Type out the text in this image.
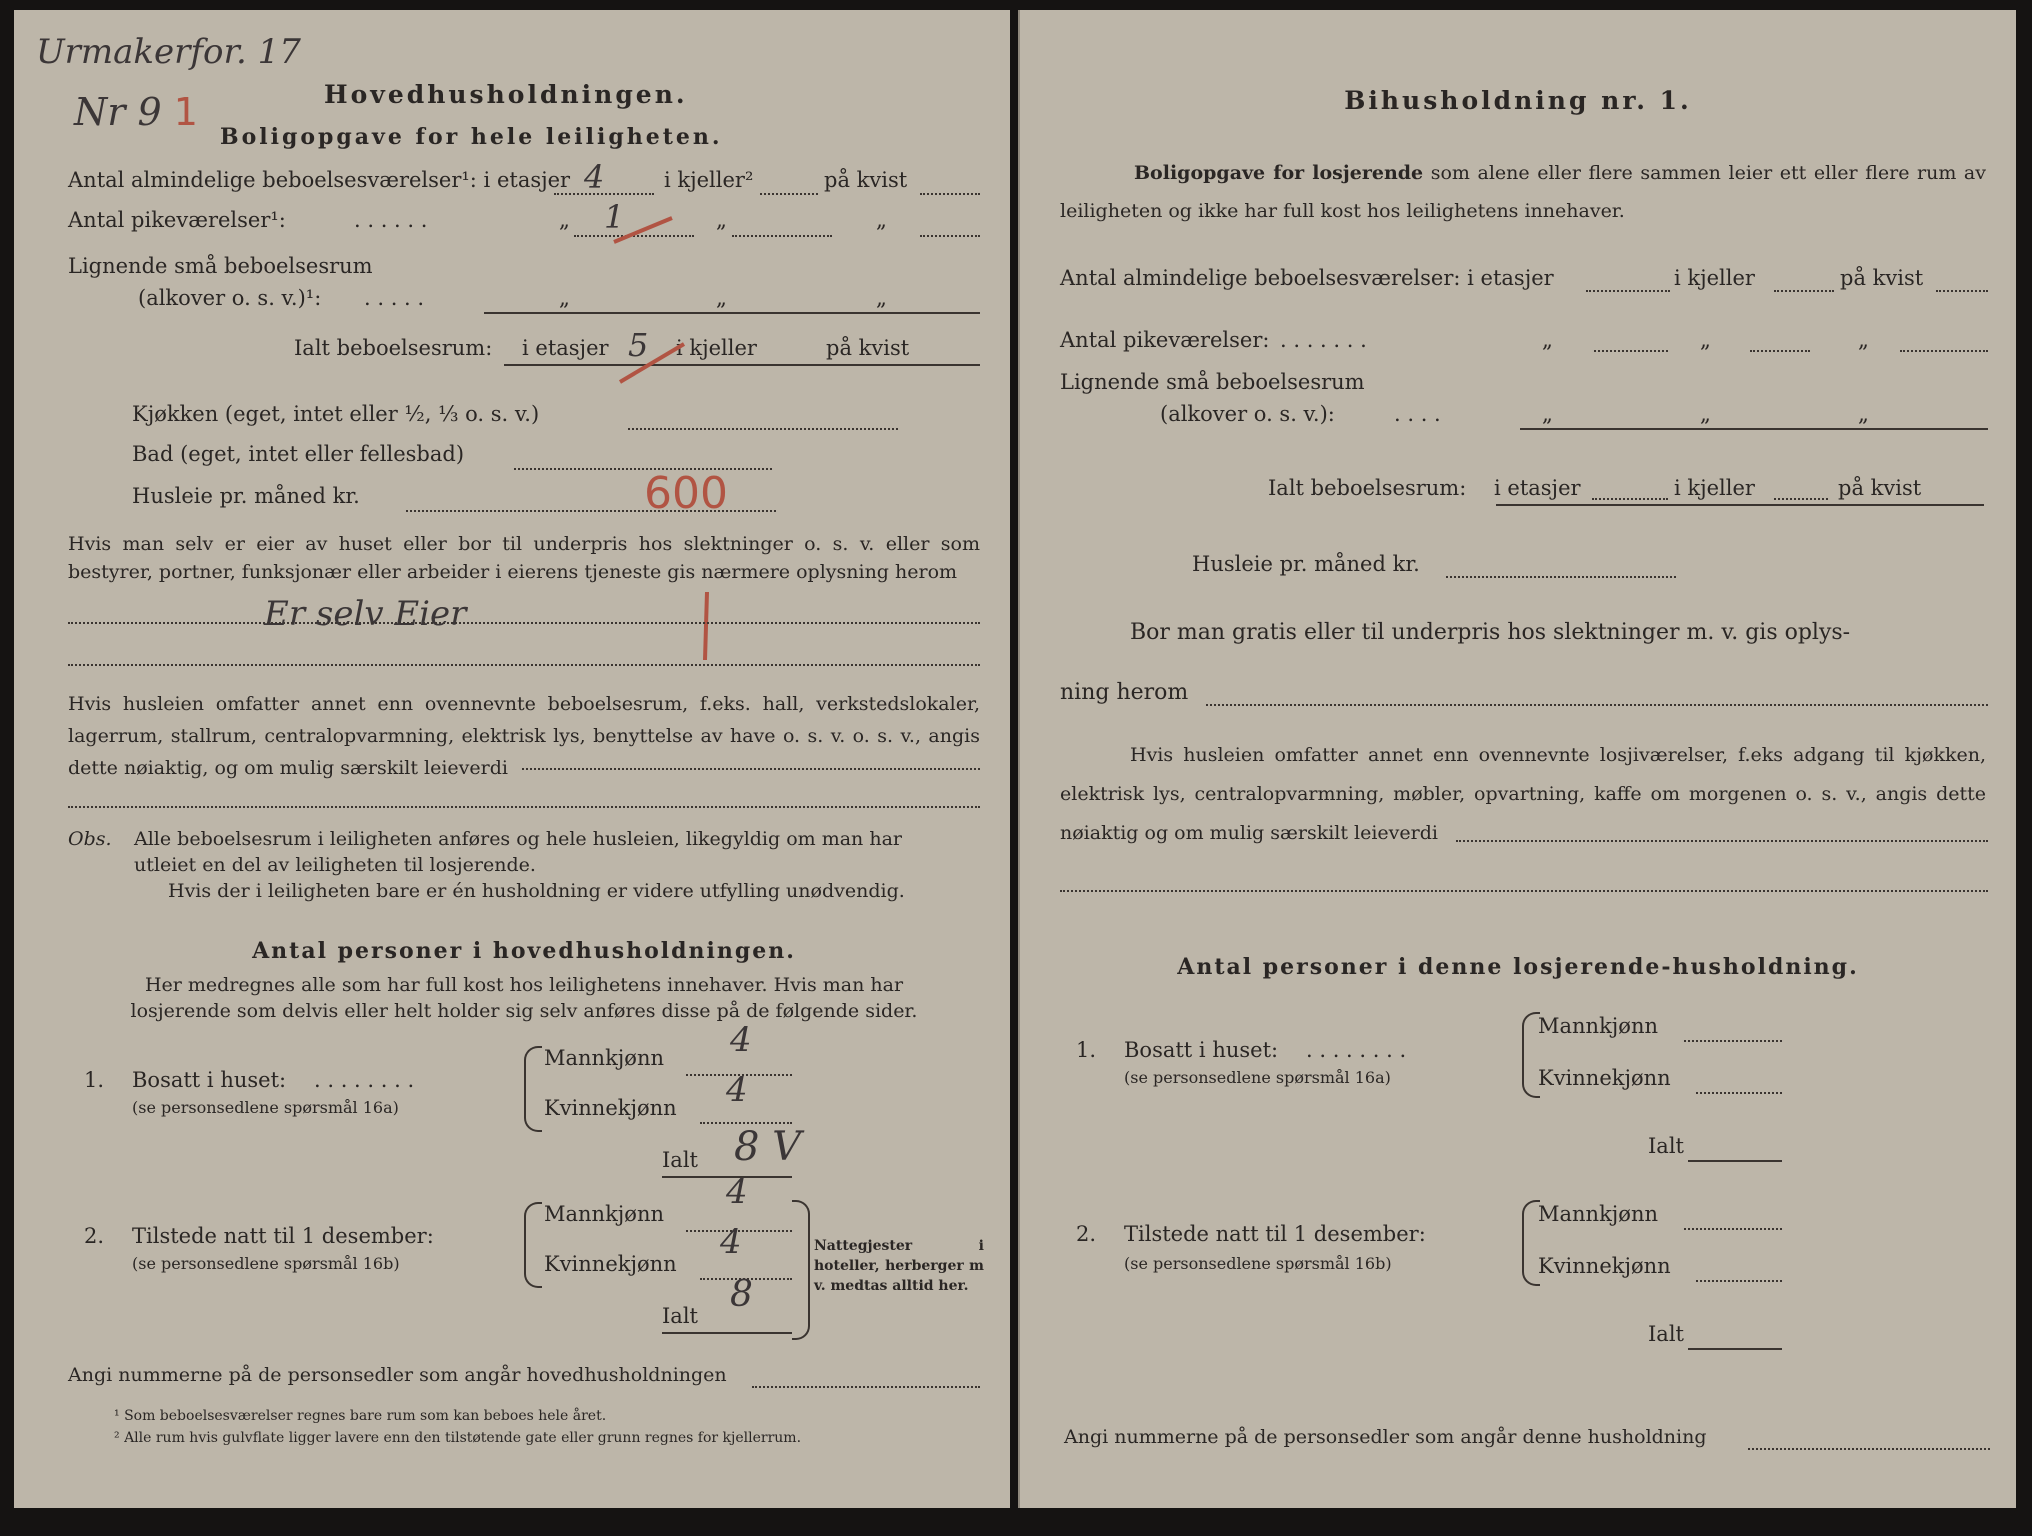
Urmakerfor. 17
Nr 9 1	Hovedhusholdningen.
Boligopgave for hele leiligheten.
Antal almindelige beboelsesværelser¹: i etasjer 4	i kjeller²	på kvist
Antal pikeværelser¹:	. . . . . .	„ 1	„	„
Lignende små beboelsesrum
(alkover o. s. v.)¹: . . . . .	„	„	„
Ialt beboelsesrum: i etasjer 5 i kjeller	på kvist
Kjøkken (eget, intet eller ½, ⅓ o. s. v.)
Bad (eget, intet eller fellesbad)
Husleie pr. måned kr.	600
Hvis man selv er eier av huset eller bor til underpris hos slektninger o. s. v. eller som bestyrer, portner, funksjonær eller arbeider i eierens tjeneste gis nærmere oplysning herom
Er selv Eier
Hvis husleien omfatter annet enn ovennevnte beboelsesrum, f.eks. hall, verkstedslokaler, lagerrum, stallrum, centralopvarmning, elektrisk lys, benyttelse av have o. s. v. o. s. v., angis dette nøiaktig, og om mulig særskilt leieverdi
Obs. Alle beboelsesrum i leiligheten anføres og hele husleien, likegyldig om man har
utleiet en del av leiligheten til losjerende.
Hvis der i leiligheten bare er én husholdning er videre utfylling unødvendig.
Antal personer i hovedhusholdningen.
Her medregnes alle som har full kost hos leilighetens innehaver. Hvis man har
losjerende som delvis eller helt holder sig selv anføres disse på de følgende sider.
1. Bosatt i huset: . . . . . . . .
(se personsedlene spørsmål 16a)
Mannkjønn 4
Kvinnekjønn 4
Ialt 8 V
2. Tilstede natt til 1 desember:
(se personsedlene spørsmål 16b)
Mannkjønn
4
Kvinnekjønn
4
Ialt
8
Nattegjester i hoteller, herberger m v. medtas alltid her.
Angi nummerne på de personsedler som angår hovedhusholdningen
¹ Som beboelsesværelser regnes bare rum som kan beboes hele året.
² Alle rum hvis gulvflate ligger lavere enn den tilstøtende gate eller grunn regnes for kjellerrum.
Bihusholdning nr. 1.
Boligopgave for losjerende som alene eller flere sammen leier ett eller flere rum av leiligheten og ikke har full kost hos leilighetens innehaver.
Antal almindelige beboelsesværelser: i etasjer	i kjeller	på kvist
Antal pikeværelser: . . . . . . .	„	„	„
Lignende små beboelsesrum
(alkover o. s. v.):	. . . .	„	„	„
Ialt beboelsesrum: i etasjer	i kjeller	på kvist
Husleie pr. måned kr.
Bor man gratis eller til underpris hos slektninger m. v. gis oplys-
ning herom
Hvis husleien omfatter annet enn ovennevnte losjiværelser, f.eks adgang til kjøkken, elektrisk lys, centralopvarmning, møbler, opvartning, kaffe om morgenen o. s. v., angis dette nøiaktig og om mulig særskilt leieverdi
Antal personer i denne losjerende-husholdning.
1. Bosatt i huset: . . . . . . . .
(se personsedlene spørsmål 16a)
Mannkjønn
Kvinnekjønn
Ialt
2. Tilstede natt til 1 desember:
(se personsedlene spørsmål 16b)
Mannkjønn
Kvinnekjønn
Ialt
Angi nummerne på de personsedler som angår denne husholdning
